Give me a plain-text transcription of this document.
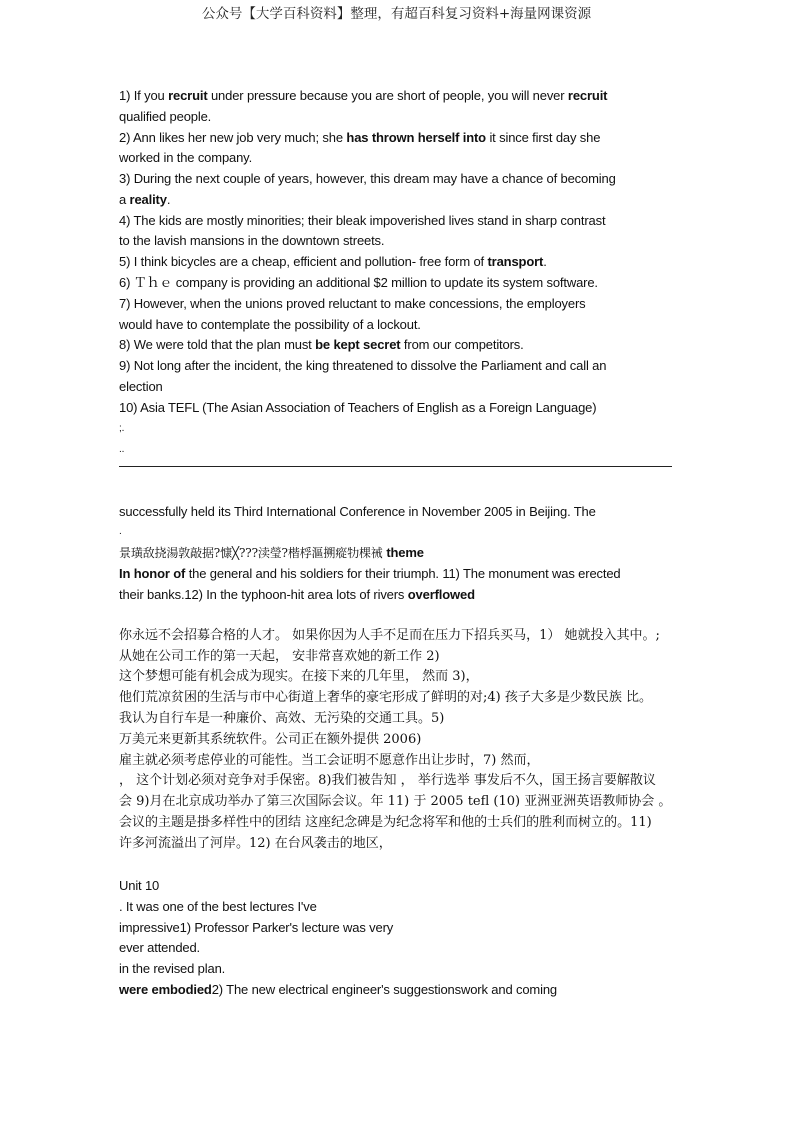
公众号【大学百科资料】整理，有超百科复习资料+海量网课资源
1) If you recruit under pressure because you are short of people, you will never recruit
qualified people.
2) Ann likes her new job very much; she has thrown herself into it since first day she
worked in the company.
3) During the next couple of years, however, this dream may have a chance of becoming
a reality.
4) The kids are mostly minorities; their bleak impoverished lives stand in sharp contrast
to the lavish mansions in the downtown streets.
5) I think bicycles are a cheap, efficient and pollution- free form of transport.
6) Ｔｈｅ company is providing an additional $2 million to update its system software.
7) However, when the unions proved reluctant to make concessions, the employers
would have to contemplate the possibility of a lockout.
8) We were told that the plan must be kept secret from our competitors.
9) Not long after the incident, the king threatened to dissolve the Parliament and call an
election
10) Asia TEFL (The Asian Association of Teachers of English as a Foreign Language)
;.
..
successfully held its Third International Conference in November 2005 in Beijing. The
.
景璜敌挠湯敦敲据?慷╳???渎瑩?楷桴漚搠瘲牞棵祴 theme
In honor of the general and his soldiers for their triumph. 11) The monument was erected
their banks.12) In the typhoon-hit area lots of rivers overflowed
你永远不会招募合格的人才。 如果你因为人手不足而在压力下招兵买马，1） 她就投入其中。;
从她在公司工作的第一天起， 安非常喜欢她的新工作 2)
这个梦想可能有机会成为现实。在接下来的几年里， 然而 3)，
他们荒凉贫困的生活与市中心街道上奢华的豪宅形成了鲜明的对;4) 孩子大多是少数民族 比。
我认为自行车是一种廉价、高效、无污染的交通工具。5)
万美元来更新其系统软件。公司正在额外提供 2006)
雇主就必须考虑停业的可能性。当工会证明不愿意作出让步时，7) 然而，
， 这个计划必须对竞争对手保密。8)我们被告知 ， 举行选举 事发后不久，国王扬言要解散议
会 9)月在北京成功举办了第三次国际会议。年 11) 于 2005 tefl (10) 亚洲亚洲英语教师协会 。
会议的主题是掛多样性中的团结 这座纪念碑是为纪念将军和他的士兵们的胜利而树立的。11)
许多河流溢出了河岸。12) 在台风袭击的地区，
Unit 10
. It was one of the best lectures I've
impressive1) Professor Parker's lecture was very
ever attended.
in the revised plan.
were embodied2) The new electrical engineer's suggestionswork and coming
